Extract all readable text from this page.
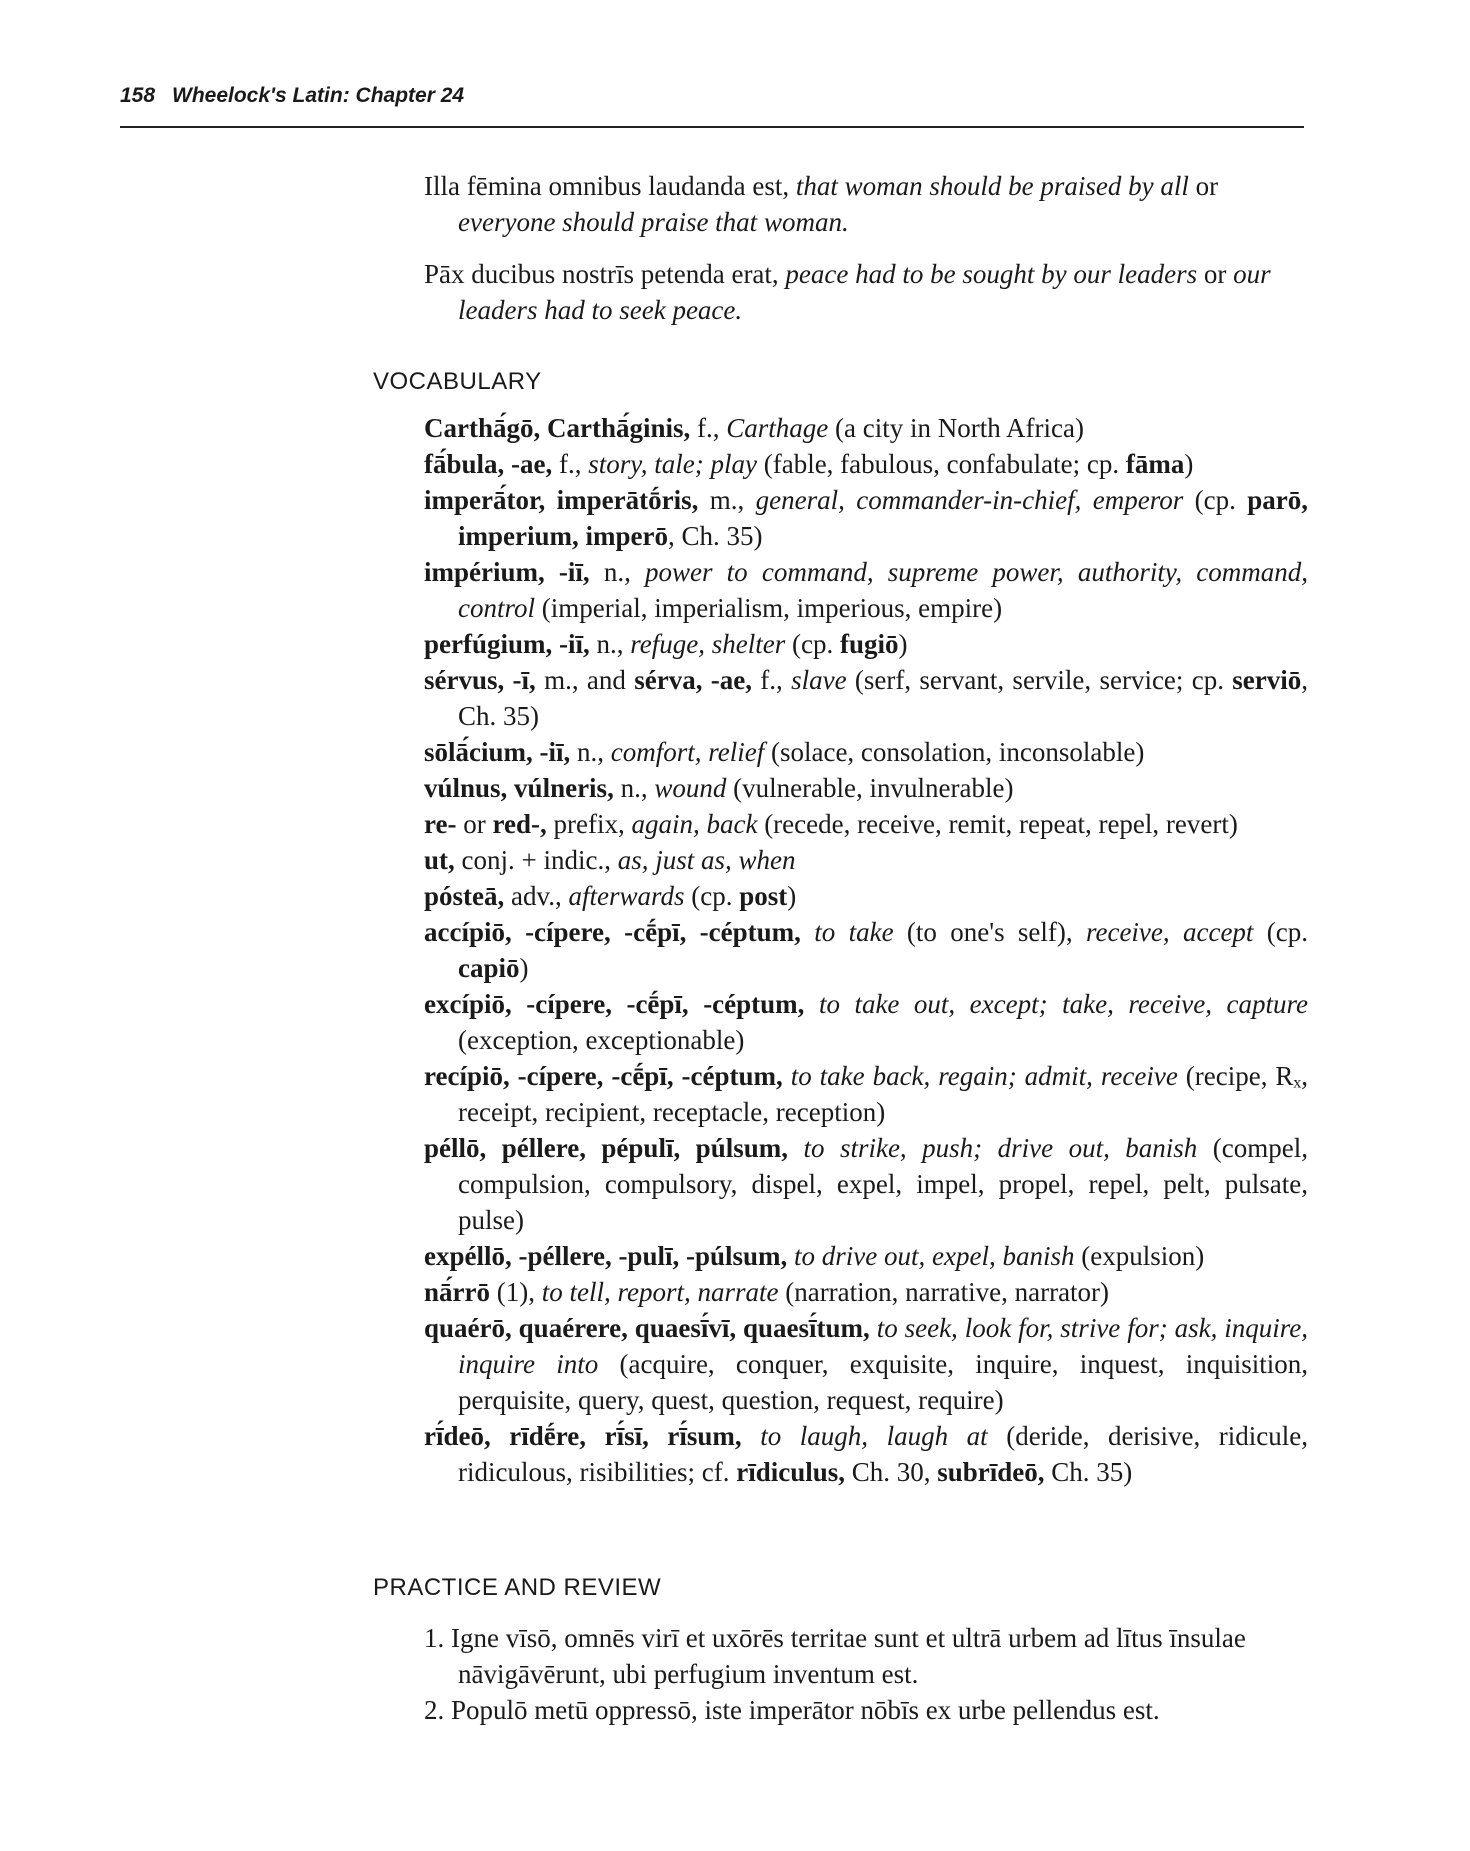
158 Wheelock's Latin: Chapter 24
Illa fēmina omnibus laudanda est, that woman should be praised by all or everyone should praise that woman.
Pāx ducibus nostrīs petenda erat, peace had to be sought by our leaders or our leaders had to seek peace.
VOCABULARY
Carthā́gō, Carthā́ginis, f., Carthage (a city in North Africa)
fā́bula, -ae, f., story, tale; play (fable, fabulous, confabulate; cp. fāma)
imperā́tor, imperātṓris, m., general, commander-in-chief, emperor (cp. parō, imperium, imperō, Ch. 35)
impérium, -iī, n., power to command, supreme power, authority, command, control (imperial, imperialism, imperious, empire)
perfúgium, -iī, n., refuge, shelter (cp. fugiō)
sérvus, -ī, m., and sérva, -ae, f., slave (serf, servant, servile, service; cp. serviō, Ch. 35)
sōlā́cium, -iī, n., comfort, relief (solace, consolation, inconsolable)
vúlnus, vúlneris, n., wound (vulnerable, invulnerable)
re- or red-, prefix, again, back (recede, receive, remit, repeat, repel, revert)
ut, conj. + indic., as, just as, when
pósteā, adv., afterwards (cp. post)
accípiō, -cípere, -cḗpī, -céptum, to take (to one's self), receive, accept (cp. capiō)
excípiō, -cípere, -cḗpī, -céptum, to take out, except; take, receive, capture (exception, exceptionable)
recípiō, -cípere, -cḗpī, -céptum, to take back, regain; admit, receive (recipe, Rₓ, receipt, recipient, receptacle, reception)
péllō, péllere, pépulī, púlsum, to strike, push; drive out, banish (compel, compulsion, compulsory, dispel, expel, impel, propel, repel, pelt, pulsate, pulse)
expéllō, -péllere, -pulī, -púlsum, to drive out, expel, banish (expulsion)
nā́rrō (1), to tell, report, narrate (narration, narrative, narrator)
quaérō, quaérere, quaesī́vī, quaesī́tum, to seek, look for, strive for; ask, inquire, inquire into (acquire, conquer, exquisite, inquire, inquest, inquisition, perquisite, query, quest, question, request, require)
rī́deō, rīdḗre, rī́sī, rī́sum, to laugh, laugh at (deride, derisive, ridicule, ridiculous, risibilities; cf. rīdiculus, Ch. 30, subrīdeō, Ch. 35)
PRACTICE AND REVIEW
1. Igne vīsō, omnēs virī et uxōrēs territae sunt et ultrā urbem ad lītus īnsulae nāvigāvērunt, ubi perfugium inventum est.
2. Populō metū oppressō, iste imperātor nōbīs ex urbe pellendus est.
